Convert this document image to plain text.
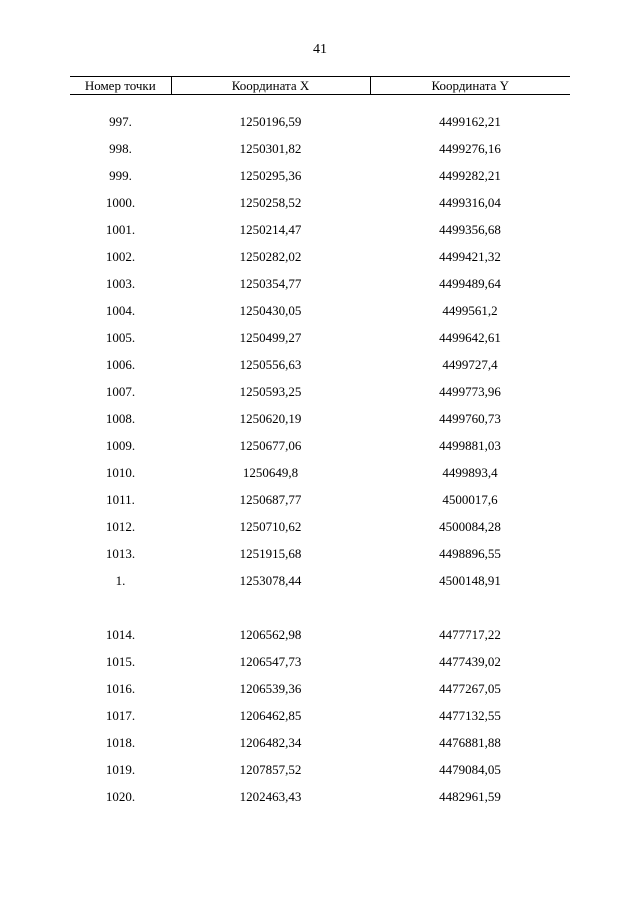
41
Номер точки	Координата X	Координата Y

997.	1250196,59	4499162,21
998.	1250301,82	4499276,16
999.	1250295,36	4499282,21
1000.	1250258,52	4499316,04
1001.	1250214,47	4499356,68
1002.	1250282,02	4499421,32
1003.	1250354,77	4499489,64
1004.	1250430,05	4499561,2
1005.	1250499,27	4499642,61
1006.	1250556,63	4499727,4
1007.	1250593,25	4499773,96
1008.	1250620,19	4499760,73
1009.	1250677,06	4499881,03
1010.	1250649,8	4499893,4
1011.	1250687,77	4500017,6
1012.	1250710,62	4500084,28
1013.	1251915,68	4498896,55
1.	1253078,44	4500148,91

1014.	1206562,98	4477717,22
1015.	1206547,73	4477439,02
1016.	1206539,36	4477267,05
1017.	1206462,85	4477132,55
1018.	1206482,34	4476881,88
1019.	1207857,52	4479084,05
1020.	1202463,43	4482961,59
